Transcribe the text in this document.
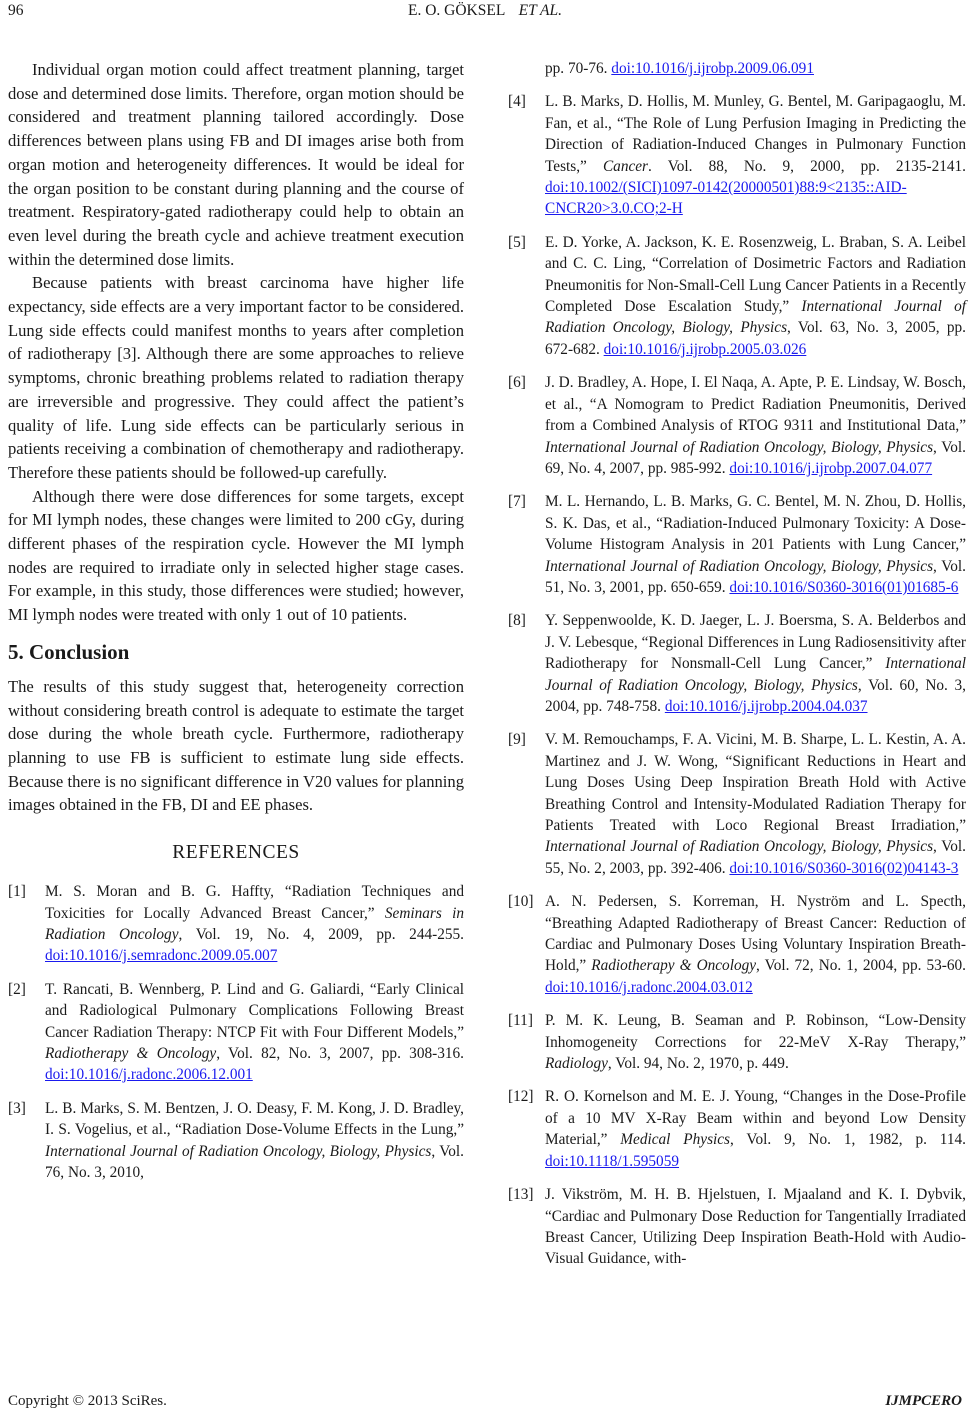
96	E. O. GÖKSEL ET AL.

Individual organ motion could affect treatment planning, target dose and determined dose limits. Therefore, organ motion should be considered and treatment planning tailored accordingly. Dose differences between plans using FB and DI images arise both from organ motion and heterogeneity differences. It would be ideal for the organ position to be constant during planning and the course of treatment. Respiratory-gated radiotherapy could help to obtain an even level during the breath cycle and achieve treatment execution within the determined dose limits.

Because patients with breast carcinoma have higher life expectancy, side effects are a very important factor to be considered. Lung side effects could manifest months to years after completion of radiotherapy [3]. Although there are some approaches to relieve symptoms, chronic breathing problems related to radiation therapy are irreversible and progressive. They could affect the patient’s quality of life. Lung side effects can be particularly serious in patients receiving a combination of chemotherapy and radiotherapy. Therefore these patients should be followed-up carefully.

Although there were dose differences for some targets, except for MI lymph nodes, these changes were limited to 200 cGy, during different phases of the respiration cycle. However the MI lymph nodes are required to irradiate only in selected higher stage cases. For example, in this study, those differences were studied; however, MI lymph nodes were treated with only 1 out of 10 patients.

5. Conclusion

The results of this study suggest that, heterogeneity correction without considering breath control is adequate to estimate the target dose during the whole breath cycle. Furthermore, radiotherapy planning to use FB is sufficient to estimate lung side effects. Because there is no significant difference in V20 values for planning images obtained in the FB, DI and EE phases.

REFERENCES
[1] M. S. Moran and B. G. Haffty, “Radiation Techniques and Toxicities for Locally Advanced Breast Cancer,” Seminars in Radiation Oncology, Vol. 19, No. 4, 2009, pp. 244-255. doi:10.1016/j.semradonc.2009.05.007
[2] T. Rancati, B. Wennberg, P. Lind and G. Galiardi, “Early Clinical and Radiological Pulmonary Complications Following Breast Cancer Radiation Therapy: NTCP Fit with Four Different Models,” Radiotherapy & Oncology, Vol. 82, No. 3, 2007, pp. 308-316. doi:10.1016/j.radonc.2006.12.001
[3] L. B. Marks, S. M. Bentzen, J. O. Deasy, F. M. Kong, J. D. Bradley, I. S. Vogelius, et al., “Radiation Dose-Volume Effects in the Lung,” International Journal of Radiation Oncology, Biology, Physics, Vol. 76, No. 3, 2010,
pp. 70-76. doi:10.1016/j.ijrobp.2009.06.091
[4] L. B. Marks, D. Hollis, M. Munley, G. Bentel, M. Garipagaoglu, M. Fan, et al., “The Role of Lung Perfusion Imaging in Predicting the Direction of Radiation-Induced Changes in Pulmonary Function Tests,” Cancer. Vol. 88, No. 9, 2000, pp. 2135-2141. doi:10.1002/(SICI)1097-0142(20000501)88:9<2135::AID-CNCR20>3.0.CO;2-H
[5] E. D. Yorke, A. Jackson, K. E. Rosenzweig, L. Braban, S. A. Leibel and C. C. Ling, “Correlation of Dosimetric Factors and Radiation Pneumonitis for Non-Small-Cell Lung Cancer Patients in a Recently Completed Dose Escalation Study,” International Journal of Radiation Oncology, Biology, Physics, Vol. 63, No. 3, 2005, pp. 672-682. doi:10.1016/j.ijrobp.2005.03.026
[6] J. D. Bradley, A. Hope, I. El Naqa, A. Apte, P. E. Lindsay, W. Bosch, et al., “A Nomogram to Predict Radiation Pneumonitis, Derived from a Combined Analysis of RTOG 9311 and Institutional Data,” International Journal of Radiation Oncology, Biology, Physics, Vol. 69, No. 4, 2007, pp. 985-992. doi:10.1016/j.ijrobp.2007.04.077
[7] M. L. Hernando, L. B. Marks, G. C. Bentel, M. N. Zhou, D. Hollis, S. K. Das, et al., “Radiation-Induced Pulmonary Toxicity: A Dose-Volume Histogram Analysis in 201 Patients with Lung Cancer,” International Journal of Radiation Oncology, Biology, Physics, Vol. 51, No. 3, 2001, pp. 650-659. doi:10.1016/S0360-3016(01)01685-6
[8] Y. Seppenwoolde, K. D. Jaeger, L. J. Boersma, S. A. Belderbos and J. V. Lebesque, “Regional Differences in Lung Radiosensitivity after Radiotherapy for Nonsmall-Cell Lung Cancer,” International Journal of Radiation Oncology, Biology, Physics, Vol. 60, No. 3, 2004, pp. 748-758. doi:10.1016/j.ijrobp.2004.04.037
[9] V. M. Remouchamps, F. A. Vicini, M. B. Sharpe, L. L. Kestin, A. A. Martinez and J. W. Wong, “Significant Reductions in Heart and Lung Doses Using Deep Inspiration Breath Hold with Active Breathing Control and Intensity-Modulated Radiation Therapy for Patients Treated with Loco Regional Breast Irradiation,” International Journal of Radiation Oncology, Biology, Physics, Vol. 55, No. 2, 2003, pp. 392-406. doi:10.1016/S0360-3016(02)04143-3
[10] A. N. Pedersen, S. Korreman, H. Nyström and L. Specth, “Breathing Adapted Radiotherapy of Breast Cancer: Reduction of Cardiac and Pulmonary Doses Using Voluntary Inspiration Breath-Hold,” Radiotherapy & Oncology, Vol. 72, No. 1, 2004, pp. 53-60. doi:10.1016/j.radonc.2004.03.012
[11] P. M. K. Leung, B. Seaman and P. Robinson, “Low-Density Inhomogeneity Corrections for 22-MeV X-Ray Therapy,” Radiology, Vol. 94, No. 2, 1970, p. 449.
[12] R. O. Kornelson and M. E. J. Young, “Changes in the Dose-Profile of a 10 MV X-Ray Beam within and beyond Low Density Material,” Medical Physics, Vol. 9, No. 1, 1982, p. 114. doi:10.1118/1.595059
[13] J. Vikström, M. H. B. Hjelstuen, I. Mjaaland and K. I. Dybvik, “Cardiac and Pulmonary Dose Reduction for Tangentially Irradiated Breast Cancer, Utilizing Deep Inspiration Beath-Hold with Audio-Visual Guidance, with-
Copyright © 2013 SciRes.	IJMPCERO
